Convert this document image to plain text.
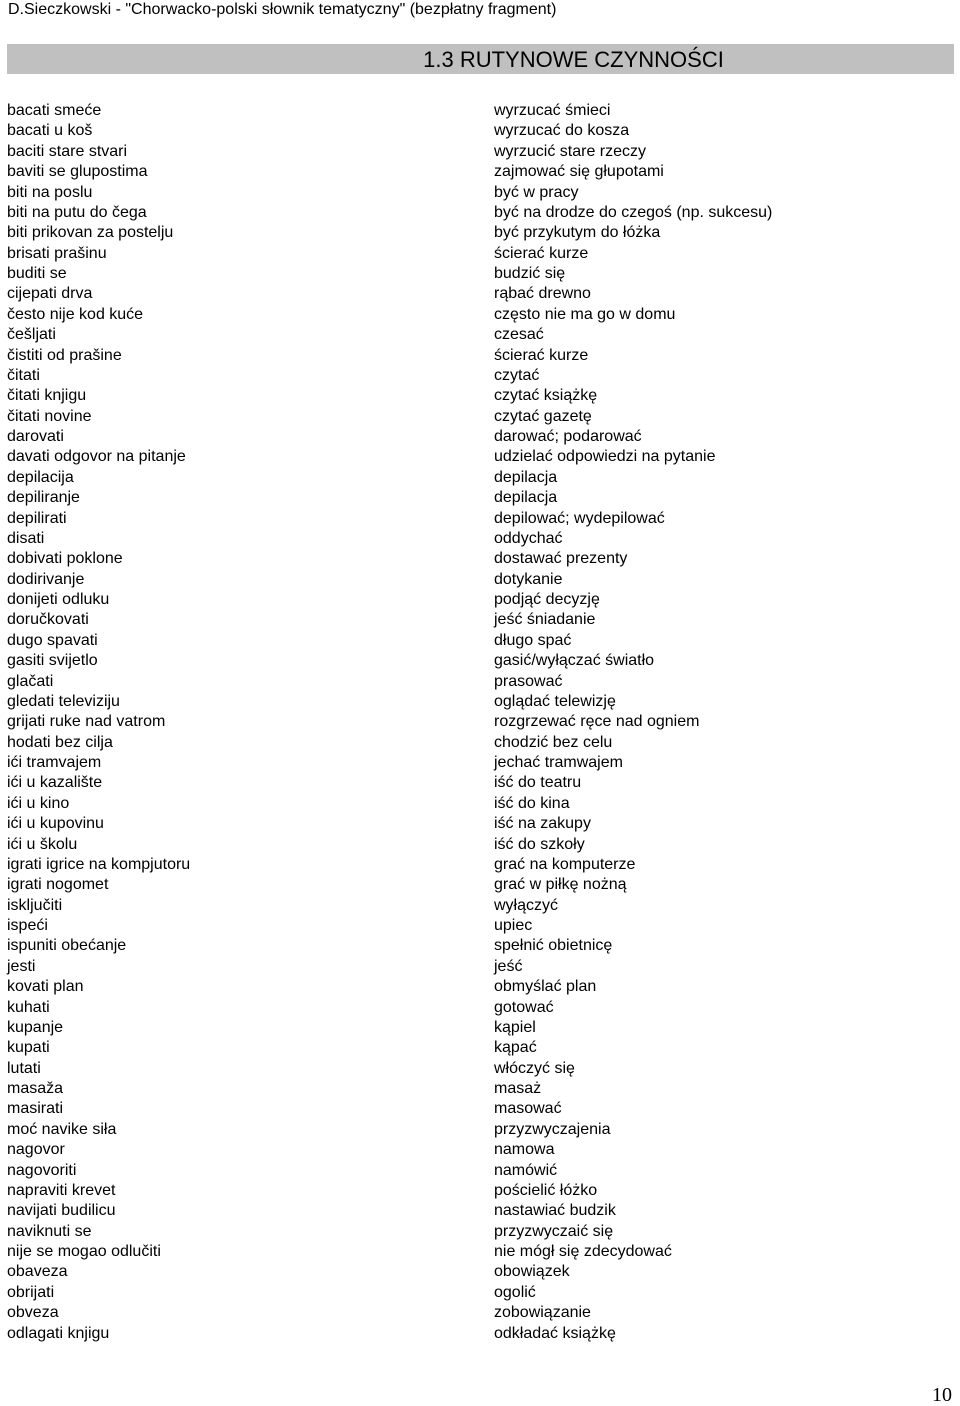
D.Sieczkowski - "Chorwacko-polski słownik tematyczny" (bezpłatny fragment)
1.3 RUTYNOWE CZYNNOŚCI
bacati smeće	wyrzucać śmieci
bacati u koš	wyrzucać do kosza
baciti stare stvari	wyrzucić stare rzeczy
baviti se glupostima	zajmować się głupotami
biti na poslu	być w pracy
biti na putu do čega	być na drodze do czegoś (np. sukcesu)
biti prikovan za postelju	być przykutym do łóżka
brisati prašinu	ścierać kurze
buditi se	budzić się
cijepati drva	rąbać drewno
često nije kod kuće	często nie ma go w domu
češljati	czesać
čistiti od prašine	ścierać kurze
čitati	czytać
čitati knjigu	czytać książkę
čitati novine	czytać gazetę
darovati	darować; podarować
davati odgovor na pitanje	udzielać odpowiedzi na pytanie
depilacija	depilacja
depiliranje	depilacja
depilirati	depilować; wydepilować
disati	oddychać
dobivati poklone	dostawać prezenty
dodirivanje	dotykanie
donijeti odluku	podjąć decyzję
doručkovati	jeść śniadanie
dugo spavati	długo spać
gasiti svijetlo	gasić/wyłączać światło
glačati	prasować
gledati televiziju	oglądać telewizję
grijati ruke nad vatrom	rozgrzewać ręce nad ogniem
hodati bez cilja	chodzić bez celu
ići tramvajem	jechać tramwajem
ići u kazalište	iść do teatru
ići u kino	iść do kina
ići u kupovinu	iść na zakupy
ići u školu	iść do szkoły
igrati igrice na kompjutoru	grać na komputerze
igrati nogomet	grać w piłkę nożną
isključiti	wyłączyć
ispeći	upiec
ispuniti obećanje	spełnić obietnicę
jesti	jeść
kovati plan	obmyślać plan
kuhati	gotować
kupanje	kąpiel
kupati	kąpać
lutati	włóczyć się
masaža	masaż
masirati	masować
moć navike siła	przyzwyczajenia
nagovor	namowa
nagovoriti	namówić
napraviti krevet	pościelić łóżko
navijati budilicu	nastawiać budzik
naviknuti se	przyzwyczaić się
nije se mogao odlučiti	nie mógł się zdecydować
obaveza	obowiązek
obrijati	ogolić
obveza	zobowiązanie
odlagati knjigu	odkładać książkę
10
